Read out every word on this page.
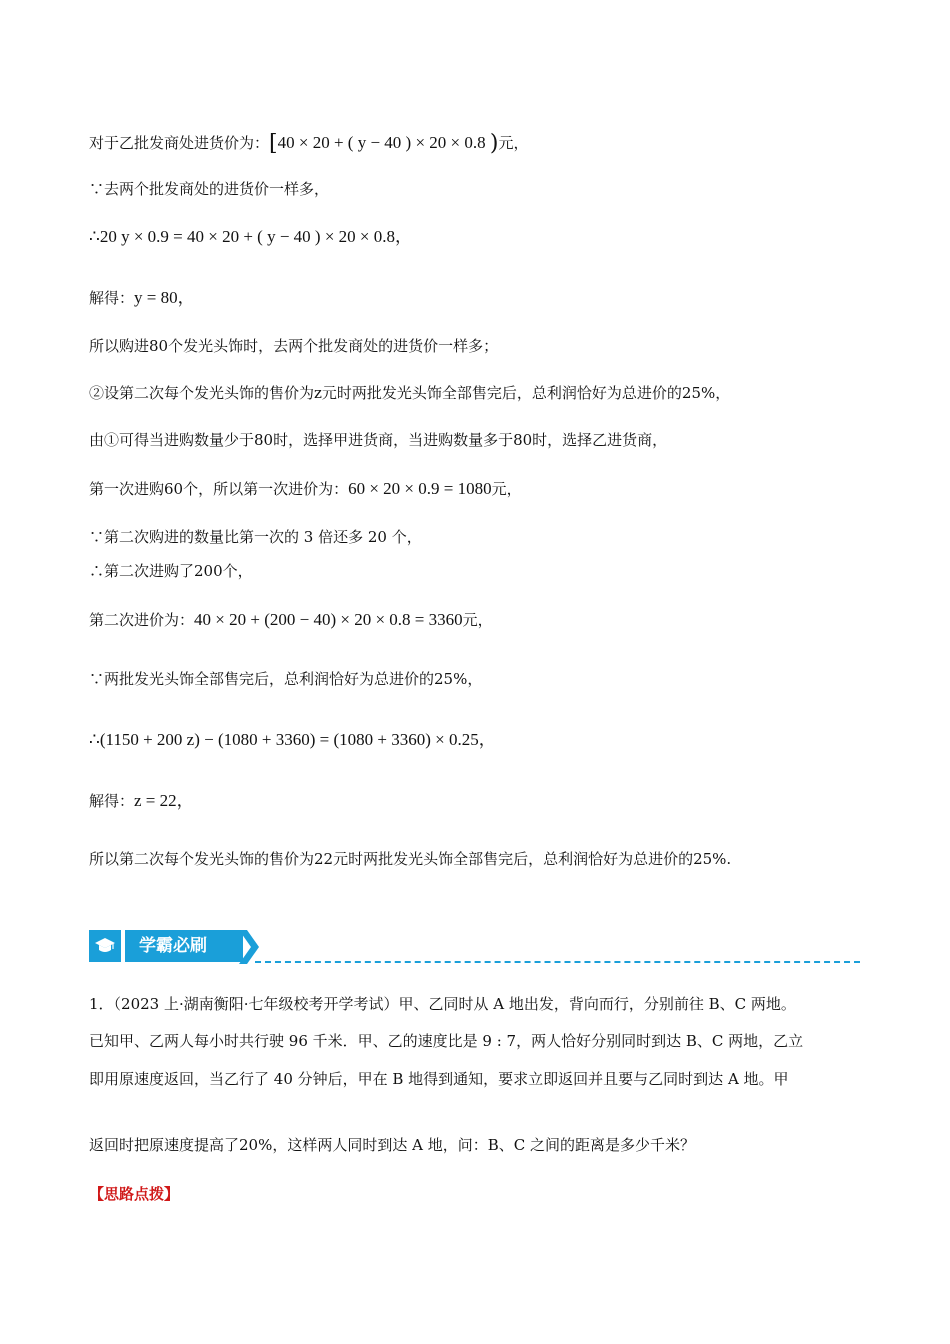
对于乙批发商处进货价为：[40 × 20 + ( y − 40 ) × 20 × 0.8 )元，
∵去两个批发商处的进货价一样多，
∴20 y × 0.9 = 40 × 20 + ( y − 40 ) × 20 × 0.8，
解得：y = 80，
所以购进80个发光头饰时，去两个批发商处的进货价一样多；
②设第二次每个发光头饰的售价为z元时两批发光头饰全部售完后，总利润恰好为总进价的25%，
由①可得当进购数量少于80时，选择甲进货商，当进购数量多于80时，选择乙进货商，
第一次进购60个，所以第一次进价为：60 × 20 × 0.9 = 1080元，
∵第二次购进的数量比第一次的 3 倍还多 20 个，
∴第二次进购了200个，
第二次进价为：40 × 20 + (200 − 40) × 20 × 0.8 = 3360元，
∵两批发光头饰全部售完后，总利润恰好为总进价的25%，
∴(1150 + 200 z) − (1080 + 3360) = (1080 + 3360) × 0.25，
解得：z = 22，
所以第二次每个发光头饰的售价为22元时两批发光头饰全部售完后，总利润恰好为总进价的25%.
学霸必刷
1．（2023 上·湖南衡阳·七年级校考开学考试）甲、乙同时从 A 地出发，背向而行，分别前往 B、C 两地。
已知甲、乙两人每小时共行驶 96 千米．甲、乙的速度比是 9 : 7，两人恰好分别同时到达 B、C 两地，乙立
即用原速度返回，当乙行了 40 分钟后，甲在 B 地得到通知，要求立即返回并且要与乙同时到达 A 地。甲
返回时把原速度提高了20%，这样两人同时到达 A 地，问：B、C 之间的距离是多少千米？
【思路点拨】
